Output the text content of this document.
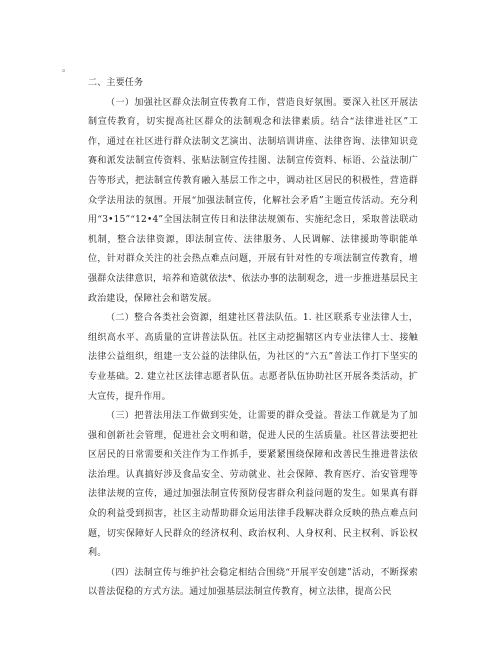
。
二、主要任务

（一）加强社区群众法制宣传教育工作，营造良好氛围。要深入社区开展法制宣传教育，切实提高社区群众的法制观念和法律素质。结合“法律进社区”工作，通过在社区进行群众法制文艺演出、法制培训讲座、法律咨询、法律知识竞赛和派发法制宣传资料、张贴法制宣传挂图、法制宣传资料、标语、公益法制广告等形式，把法制宣传教育融入基层工作之中，调动社区居民的积极性，营造群众学法用法的氛围。开展“加强法制宣传，化解社会矛盾”主题宣传活动。充分利用“3•15”“12•4”全国法制宣传日和法律法规颁布、实施纪念日，采取普法联动机制，整合法律资源，即法制宣传、法律服务、人民调解、法律援助等职能单位，针对群众关注的社会热点难点问题，开展有针对性的专项法制宣传教育，增强群众法律意识，培养和造就依法*、依法办事的法制观念，进一步推进基层民主政治建设，保障社会和谐发展。

（二）整合各类社会资源，组建社区普法队伍。1. 社区联系专业法律人士，组织高水平、高质量的宣讲普法队伍。社区主动挖掘辖区内专业法律人士、接触法律公益组织，组建一支公益的法律队伍，为社区的“六五”普法工作打下坚实的专业基础。2. 建立社区法律志愿者队伍。志愿者队伍协助社区开展各类活动，扩大宣传，提升作用。

（三）把普法用法工作做到实处，让需要的群众受益。普法工作就是为了加强和创新社会管理，促进社会文明和谐，促进人民的生活质量。社区普法要把社区居民的日常需要和关注作为工作抓手，要紧紧围绕保障和改善民生推进普法依法治理。认真搞好涉及食品安全、劳动就业、社会保障、教育医疗、治安管理等法律法规的宣传，通过加强法制宣传预防侵害群众利益问题的发生。如果真有群众的利益受到损害，社区主动帮助群众运用法律手段解决群众反映的热点难点问题，切实保障好人民群众的经济权利、政治权利、人身权利、民主权利、诉讼权利。

（四）法制宣传与维护社会稳定相结合围绕“开展平安创建”活动，不断探索以普法促稳的方式方法。通过加强基层法制宣传教育，树立法律，提高公民
